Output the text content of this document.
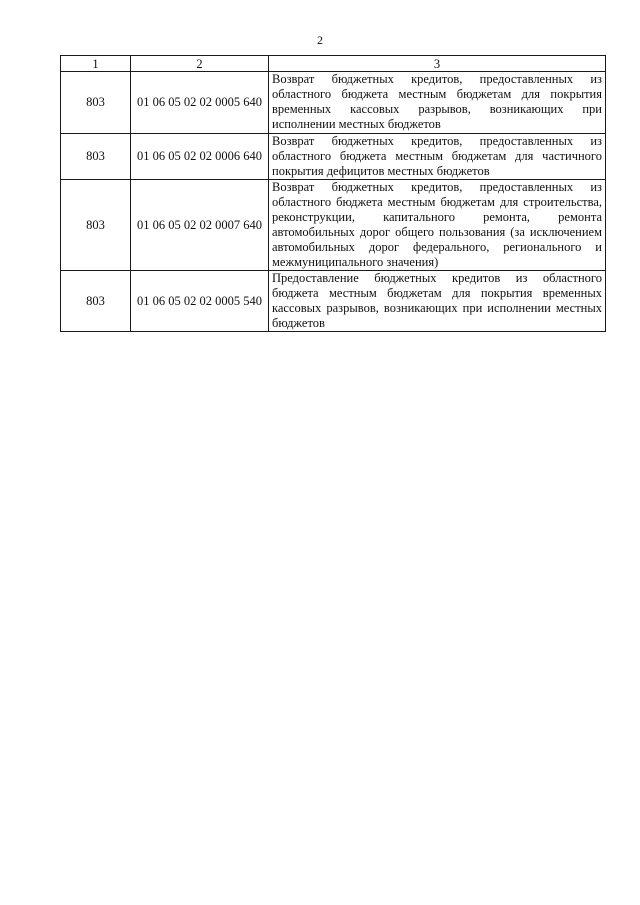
2
1	2	3
803	01 06 05 02 02 0005 640	Возврат бюджетных кредитов, предоставленных из областного бюджета местным бюджетам для покрытия временных кассовых разрывов, возникающих при исполнении местных бюджетов
803	01 06 05 02 02 0006 640	Возврат бюджетных кредитов, предоставленных из областного бюджета местным бюджетам для частичного покрытия дефицитов местных бюджетов
803	01 06 05 02 02 0007 640	Возврат бюджетных кредитов, предоставленных из областного бюджета местным бюджетам для строительства, реконструкции, капитального ремонта, ремонта автомобильных дорог общего пользования (за исключением автомобильных дорог федерального, регионального и межмуниципального значения)
803	01 06 05 02 02 0005 540	Предоставление бюджетных кредитов из областного бюджета местным бюджетам для покрытия временных кассовых разрывов, возникающих при исполнении местных бюджетов
